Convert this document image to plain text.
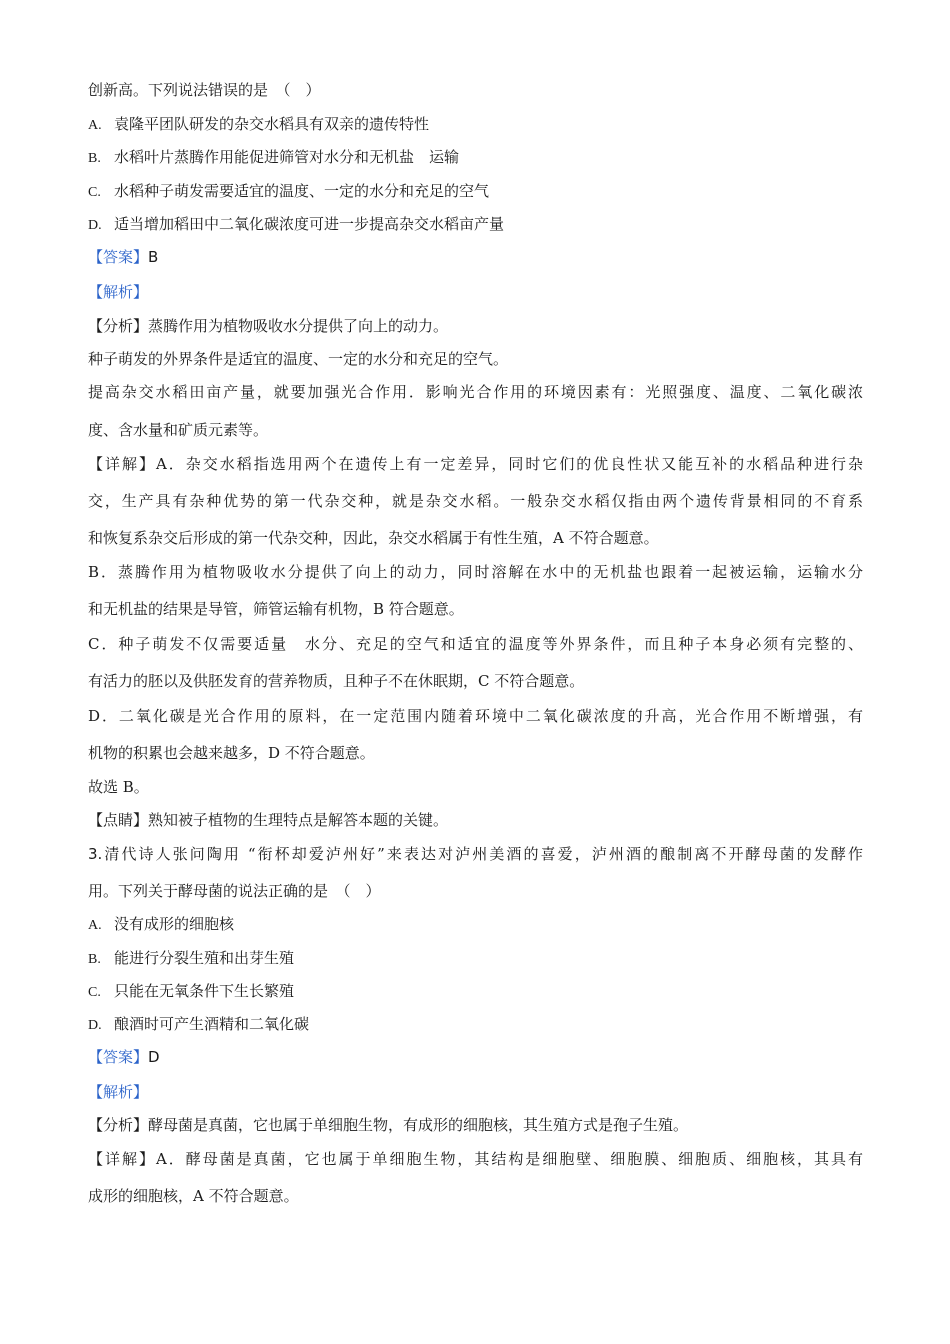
创新高。下列说法错误的是　（　）
A. 袁隆平团队研发的杂交水稻具有双亲的遗传特性
B. 水稻叶片蒸腾作用能促进筛管对水分和无机盐　运输
C. 水稻种子萌发需要适宜的温度、一定的水分和充足的空气
D. 适当增加稻田中二氧化碳浓度可进一步提高杂交水稻亩产量
【答案】B
【解析】
【分析】蒸腾作用为植物吸收水分提供了向上的动力。
种子萌发的外界条件是适宜的温度、一定的水分和充足的空气。
提高杂交水稻田亩产量，就要加强光合作用．影响光合作用的环境因素有：光照强度、温度、二氧化碳浓
度、含水量和矿质元素等。
【详解】A．杂交水稻指选用两个在遗传上有一定差异，同时它们的优良性状又能互补的水稻品种进行杂
交，生产具有杂种优势的第一代杂交种，就是杂交水稻。一般杂交水稻仅指由两个遗传背景相同的不育系
和恢复系杂交后形成的第一代杂交种，因此，杂交水稻属于有性生殖，A 不符合题意。
B．蒸腾作用为植物吸收水分提供了向上的动力，同时溶解在水中的无机盐也跟着一起被运输，运输水分
和无机盐的结果是导管，筛管运输有机物，B 符合题意。
C．种子萌发不仅需要适量　水分、充足的空气和适宜的温度等外界条件，而且种子本身必须有完整的、
有活力的胚以及供胚发育的营养物质，且种子不在休眠期，C 不符合题意。
D．二氧化碳是光合作用的原料，在一定范围内随着环境中二氧化碳浓度的升高，光合作用不断增强，有
机物的积累也会越来越多，D 不符合题意。
故选 B。
【点睛】熟知被子植物的生理特点是解答本题的关键。
3.清代诗人张问陶用 “衔杯却爱泸州好”来表达对泸州美酒的喜爱，泸州酒的酿制离不开酵母菌的发酵作
用。下列关于酵母菌的说法正确的是　（　）
A. 没有成形的细胞核
B. 能进行分裂生殖和出芽生殖
C. 只能在无氧条件下生长繁殖
D. 酿酒时可产生酒精和二氧化碳
【答案】D
【解析】
【分析】酵母菌是真菌，它也属于单细胞生物，有成形的细胞核，其生殖方式是孢子生殖。
【详解】A．酵母菌是真菌，它也属于单细胞生物，其结构是细胞壁、细胞膜、细胞质、细胞核，其具有
成形的细胞核，A 不符合题意。
